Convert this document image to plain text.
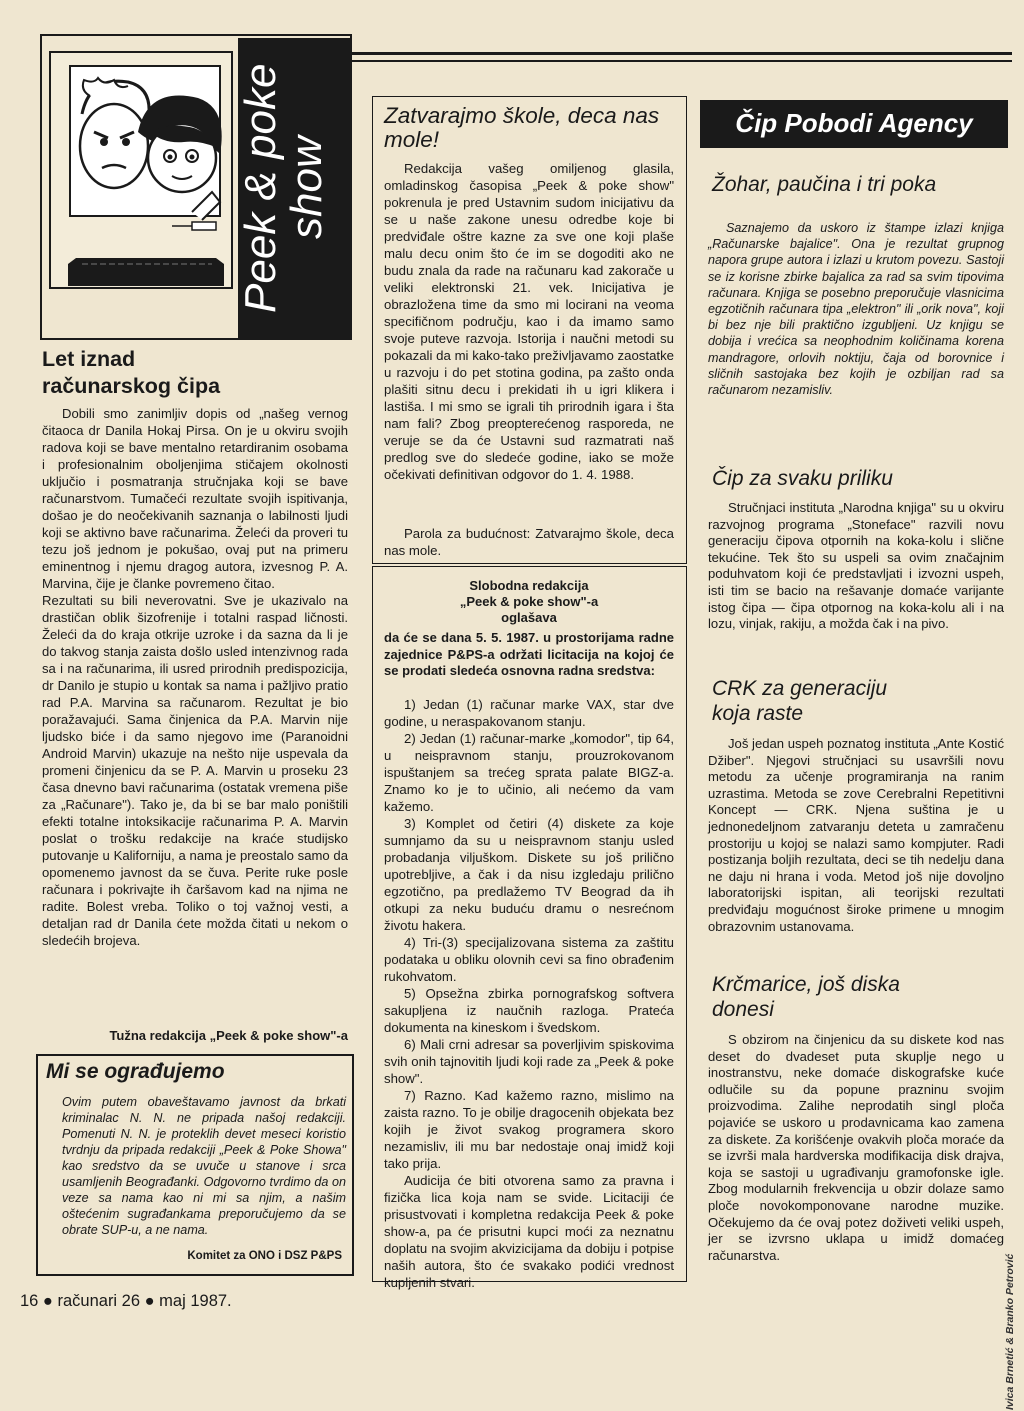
Peek & poke show
Let iznad
računarskog čipa

Dobili smo zanimljiv dopis od „našeg vernog čitaoca dr Danila Hokaj Pirsa. On je u okviru svojih radova koji se bave mentalno retardiranim osobama i profesionalnim oboljenjima stičajem okolnosti uključio i posmatranja stručnjaka koji se bave računarstvom. Tumačeći rezultate svojih ispitivanja, došao je do neočekivanih saznanja o labilnosti ljudi koji se aktivno bave računarima. Želeći da proveri tu tezu još jednom je pokušao, ovaj put na primeru eminentnog i njemu dragog autora, izvesnog P. A. Marvina, čije je članke povremeno čitao.
Rezultati su bili neverovatni. Sve je ukazivalo na drastičan oblik šizofrenije i totalni raspad ličnosti. Želeći da do kraja otkrije uzroke i da sazna da li je do takvog stanja zaista došlo usled intenzivnog rada sa i na računarima, ili usred prirodnih predispozicija, dr Danilo je stupio u kontak sa nama i pažljivo pratio rad P.A. Marvina sa računarom. Rezultat je bio poražavajući. Sama činjenica da P.A. Marvin nije ljudsko biće i da samo njegovo ime (Paranoidni Android Marvin) ukazuje na nešto nije uspevala da promeni činjenicu da se P. A. Marvin u proseku 23 časa dnevno bavi računarima (ostatak vremena piše za „Računare"). Tako je, da bi se bar malo poništili efekti totalne intoksikacije računarima P. A. Marvin poslat o trošku redakcije na kraće studijsko putovanje u Kaliforniju, a nama je preostalo samo da opomenemo javnost da se čuva. Perite ruke posle računara i pokrivajte ih čaršavom kad na njima ne radite. Bolest vreba. Toliko o toj važnoj vesti, a detaljan rad dr Danila ćete možda čitati u nekom o sledećih brojeva.

Tužna redakcija „Peek & poke show"-a
Mi se ograđujemo

Ovim putem obaveštavamo javnost da brkati kriminalac N. N. ne pripada našoj redakciji. Pomenuti N. N. je proteklih devet meseci koristio tvrdnju da pripada redakciji „Peek & Poke Showa" kao sredstvo da se uvuče u stanove i srca usamljenih Beograđanki. Odgovorno tvrdimo da on veze sa nama kao ni mi sa njim, a našim oštećenim sugrađankama preporučujemo da se obrate SUP-u, a ne nama.

Komitet za ONO i DSZ P&PS
16 ● računari 26 ● maj 1987.
Zatvarajmo škole, deca nas mole!

Redakcija vašeg omiljenog glasila, omladinskog časopisa „Peek & poke show" pokrenula je pred Ustavnim sudom inicijativu da se u naše zakone unesu odredbe koje bi predviđale oštre kazne za sve one koji plaše malu decu onim što će im se dogoditi ako ne budu znala da rade na računaru kad zakorače u veliki elektronski 21. vek. Inicijativa je obrazložena time da smo mi locirani na veoma specifičnom području, kao i da imamo samo svoje puteve razvoja. Istorija i naučni metodi su pokazali da mi kako-tako preživljavamo zaostatke u razvoju i do pet stotina godina, pa zašto onda plašiti sitnu decu i prekidati ih u igri klikera i lastiša. I mi smo se igrali tih prirodnih igara i šta nam fali? Zbog preopterećenog rasporeda, ne veruje se da će Ustavni sud razmatrati naš predlog sve do sledeće godine, iako se može očekivati definitivan odgovor do 1. 4. 1988.

Parola za budućnost: Zatvarajmo škole, deca nas mole.

Slobodna redakcija
„Peek & poke show"-a
oglašava

da će se dana 5. 5. 1987. u prostorijama radne zajednice P&PS-a održati licitacija na kojoj će se prodati sledeća osnovna radna sredstva:

1) Jedan (1) računar marke VAX, star dve godine, u neraspakovanom stanju.

2) Jedan (1) računar-marke „komodor", tip 64, u neispravnom stanju, prouzrokovanom ispuštanjem sa trećeg sprata palate BIGZ-a. Znamo ko je to učinio, ali nećemo da vam kažemo.

3) Komplet od četiri (4) diskete za koje sumnjamo da su u neispravnom stanju usled probadanja viljuškom. Diskete su još prilično upotrebljive, a čak i da nisu izgledaju prilično egzotično, pa predlažemo TV Beograd da ih otkupi za neku buduću dramu o nesrećnom životu hakera.

4) Tri-(3) specijalizovana sistema za zaštitu podataka u obliku olovnih cevi sa fino obrađenim rukohvatom.

5) Opsežna zbirka pornografskog softvera sakupljena iz naučnih razloga. Prateća dokumenta na kineskom i švedskom.

6) Mali crni adresar sa poverljivim spiskovima svih onih tajnovitih ljudi koji rade za „Peek & poke show".

7) Razno. Kad kažemo razno, mislimo na zaista razno. To je obilje dragocenih objekata bez kojih je život svakog programera skoro nezamisliv, ili mu bar nedostaje onaj imidž koji tako prija.

Audicija će biti otvorena samo za pravna i fizička lica koja nam se svide. Licitaciji će prisustvovati i kompletna redakcija Peek & poke show-a, pa će prisutni kupci moći za neznatnu doplatu na svojim akvizicijama da dobiju i potpise naših autora, što će svakako podići vrednost kupljenih stvari.

Čip Pobodi Agency
Žohar, paučina i tri poka

Saznajemo da uskoro iz štampe izlazi knjiga „Računarske bajalice". Ona je rezultat grupnog napora grupe autora i izlazi u krutom povezu. Sastoji se iz korisne zbirke bajalica za rad sa svim tipovima računara. Knjiga se posebno preporučuje vlasnicima egzotičnih računara tipa „elektron" ili „orik nova", koji bi bez nje bili praktično izgubljeni. Uz knjigu se dobija i vrećica sa neophodnim količinama korena mandragore, orlovih noktiju, čaja od borovnice i sličnih sastojaka bez kojih je ozbiljan rad sa računarom nezamisliv.

Čip za svaku priliku

Stručnjaci instituta „Narodna knjiga" su u okviru razvojnog programa „Stoneface" razvili novu generaciju čipova otpornih na koka-kolu i slične tekućine. Tek što su uspeli sa ovim značajnim poduhvatom koji će predstavljati i izvozni uspeh, isti tim se bacio na rešavanje domaće varijante istog čipa — čipa otpornog na koka-kolu ali i na lozu, vinjak, rakiju, a možda čak i na pivo.

CRK za generaciju
koja raste

Još jedan uspeh poznatog instituta „Ante Kostić Džiber". Njegovi stručnjaci su usavršili novu metodu za učenje programiranja na ranim uzrastima. Metoda se zove Cerebralni Repetitivni Koncept — CRK. Njena suština je u jednonedeljnom zatvaranju deteta u zamračenu prostoriju u kojoj se nalazi samo kompjuter. Radi postizanja boljih rezultata, deci se tih nedelju dana ne daju ni hrana i voda. Metod još nije dovoljno laboratorijski ispitan, ali teorijski rezultati predviđaju mogućnost široke primene u mnogim obrazovnim ustanovama.

Krčmarice, još diska
donesi

S obzirom na činjenicu da su diskete kod nas deset do dvadeset puta skuplje nego u inostranstvu, neke domaće diskografske kuće odlučile su da popune prazninu svojim proizvodima. Zalihe neprodatih singl ploča pojaviće se uskoro u prodavnicama kao zamena za diskete. Za korišćenje ovakvih ploča moraće da se izvrši mala hardverska modifikacija disk drajva, koja se sastoji u ugrađivanju gramofonske igle. Zbog modularnih frekvencija u obzir dolaze samo ploče novokomponovane narodne muzike. Očekujemo da će ovaj potez doživeti veliki uspeh, jer se izvrsno uklapa u imidž domaćeg računarstva.	Ivica Brnetić & Branko Petrović
